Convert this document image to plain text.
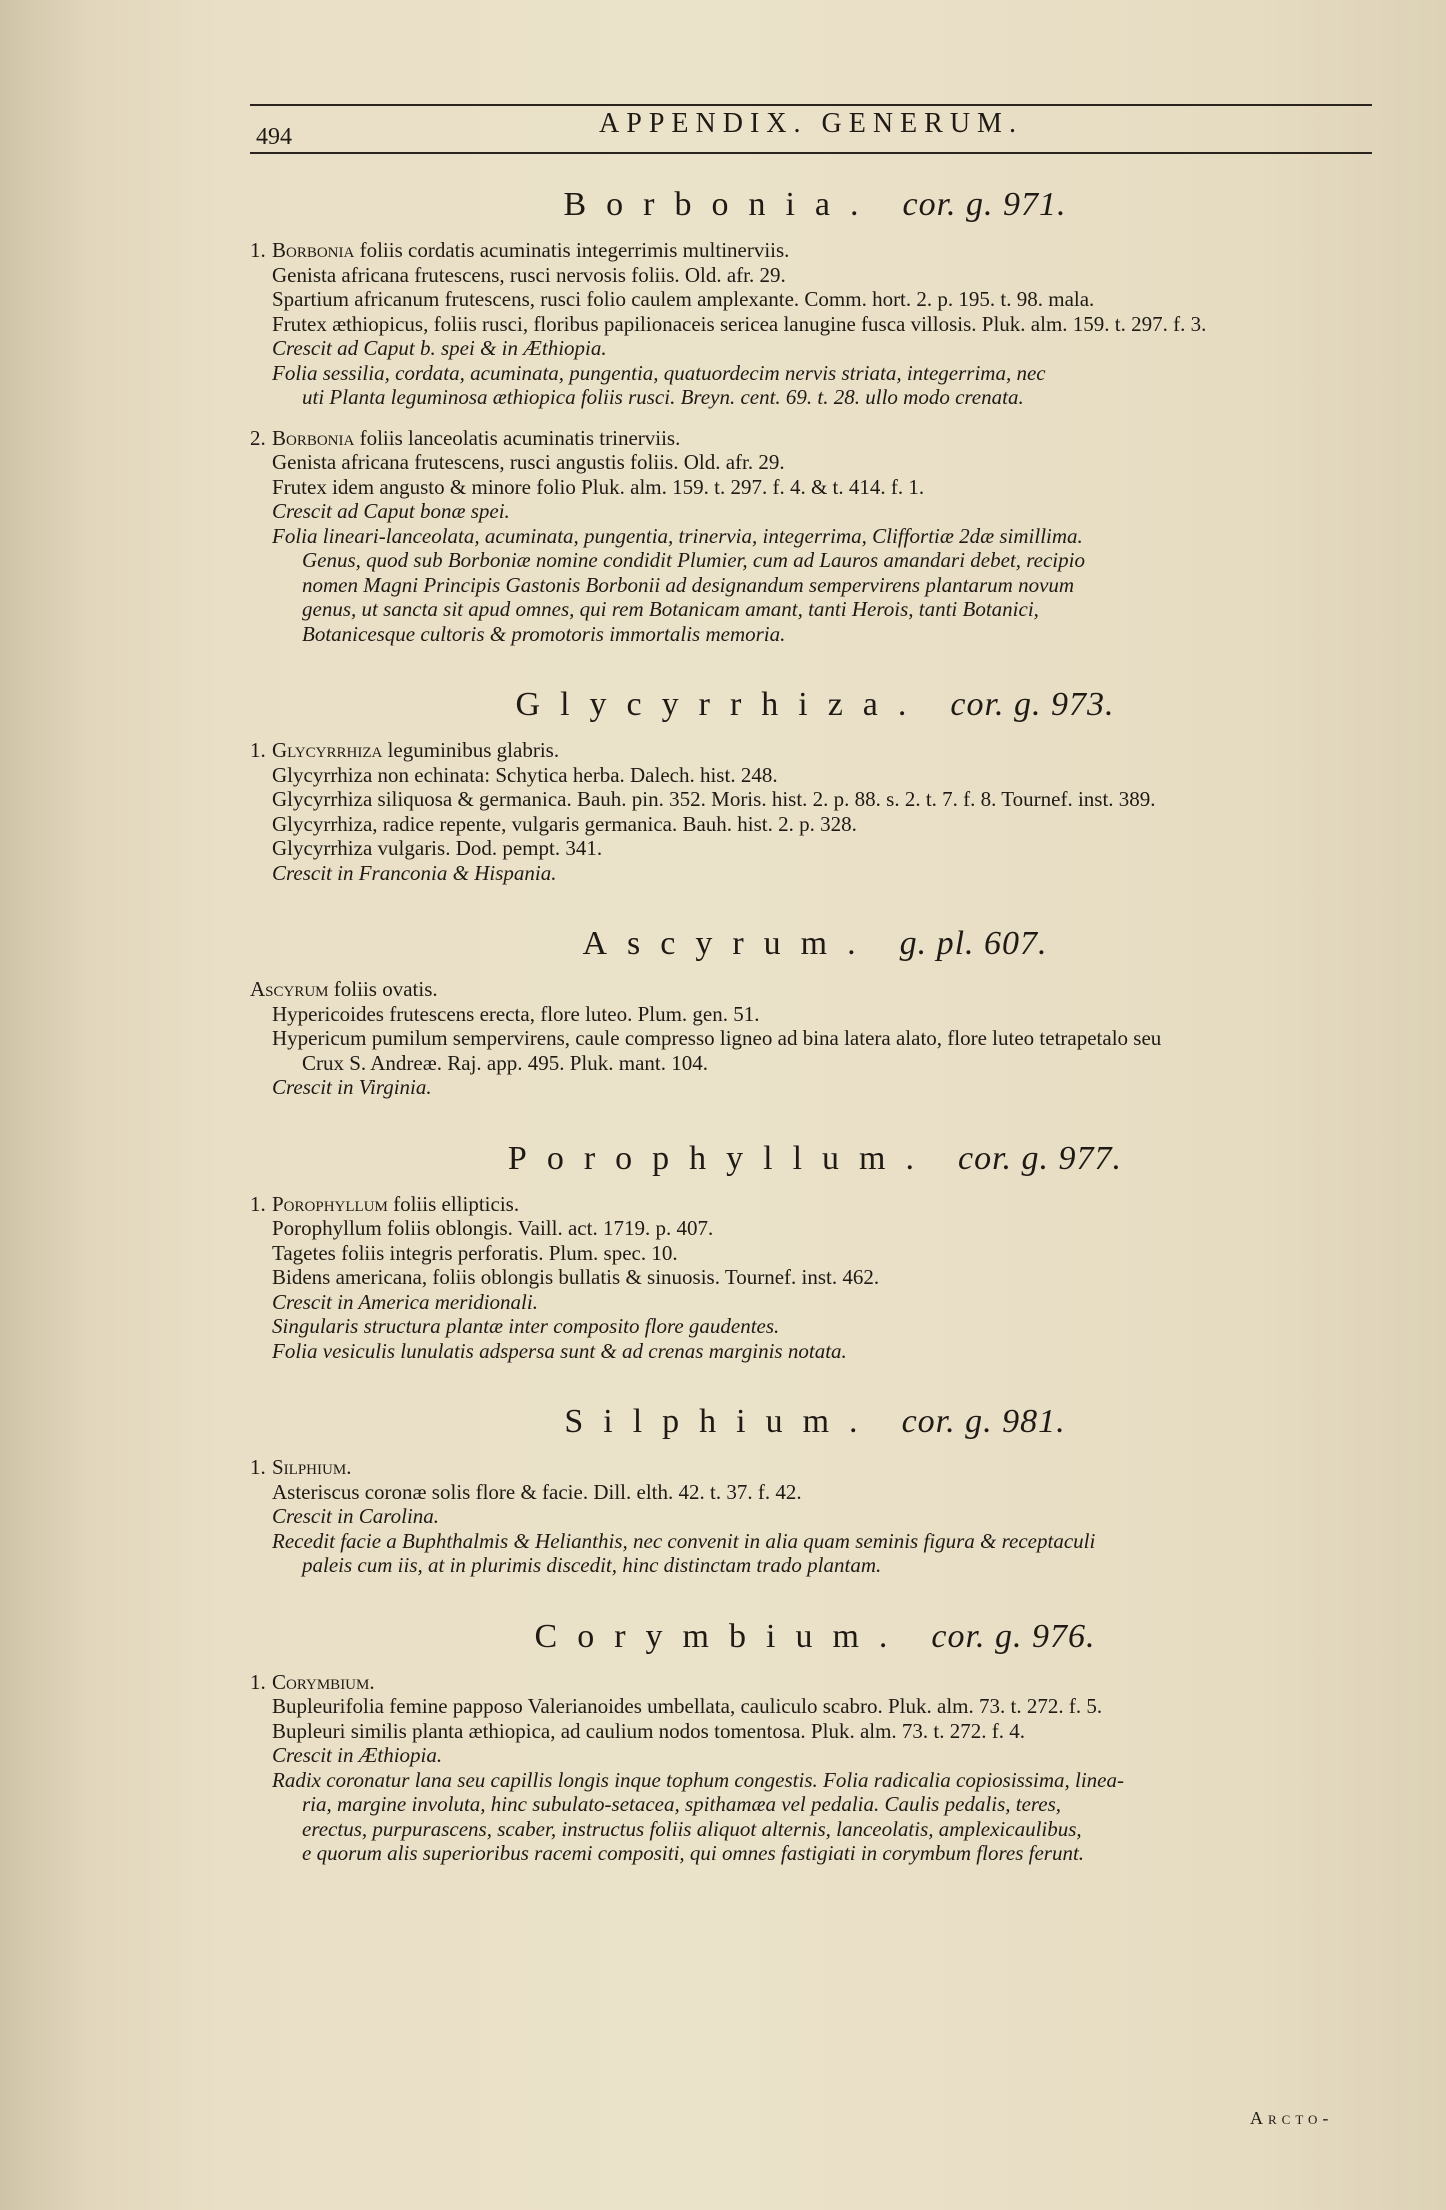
494	APPENDIX. GENERUM.
Borbonia. cor. g. 971.
1. Borbonia foliis cordatis acuminatis integerrimis multinerviis.
Genista africana frutescens, rusci nervosis foliis. Old. afr. 29.
Spartium africanum frutescens, rusci folio caulem amplexante. Comm. hort. 2. p. 195. t. 98. mala.
Frutex æthiopicus, foliis rusci, floribus papilionaceis sericea lanugine fusca villosis. Pluk. alm. 159. t. 297. f. 3.
Crescit ad Caput b. spei & in Æthiopia.
Folia sessilia, cordata, acuminata, pungentia, quatuordecim nervis striata, integerrima, nec
uti Planta leguminosa æthiopica foliis rusci. Breyn. cent. 69. t. 28. ullo modo crenata.
2. Borbonia foliis lanceolatis acuminatis trinerviis.
Genista africana frutescens, rusci angustis foliis. Old. afr. 29.
Frutex idem angusto & minore folio Pluk. alm. 159. t. 297. f. 4. & t. 414. f. 1.
Crescit ad Caput bonæ spei.
Folia lineari-lanceolata, acuminata, pungentia, trinervia, integerrima, Cliffortiæ 2dæ simillima.
Genus, quod sub Borboniæ nomine condidit Plumier, cum ad Lauros amandari debet, recipio
nomen Magni Principis Gastonis Borbonii ad designandum sempervirens plantarum novum
genus, ut sancta sit apud omnes, qui rem Botanicam amant, tanti Herois, tanti Botanici,
Botanicesque cultoris & promotoris immortalis memoria.
Glycyrrhiza. cor. g. 973.
1. Glycyrrhiza leguminibus glabris.
Glycyrrhiza non echinata: Schytica herba. Dalech. hist. 248.
Glycyrrhiza siliquosa & germanica. Bauh. pin. 352. Moris. hist. 2. p. 88. s. 2. t. 7. f. 8. Tournef. inst. 389.
Glycyrrhiza, radice repente, vulgaris germanica. Bauh. hist. 2. p. 328.
Glycyrrhiza vulgaris. Dod. pempt. 341.
Crescit in Franconia & Hispania.
Ascyrum. g. pl. 607.
Ascyrum foliis ovatis.
Hypericoides frutescens erecta, flore luteo. Plum. gen. 51.
Hypericum pumilum sempervirens, caule compresso ligneo ad bina latera alato, flore luteo tetrapetalo seu
Crux S. Andreæ. Raj. app. 495. Pluk. mant. 104.
Crescit in Virginia.
Porophyllum. cor. g. 977.
1. Porophyllum foliis ellipticis.
Porophyllum foliis oblongis. Vaill. act. 1719. p. 407.
Tagetes foliis integris perforatis. Plum. spec. 10.
Bidens americana, foliis oblongis bullatis & sinuosis. Tournef. inst. 462.
Crescit in America meridionali.
Singularis structura plantæ inter composito flore gaudentes.
Folia vesiculis lunulatis adspersa sunt & ad crenas marginis notata.
Silphium. cor. g. 981.
1. Silphium.
Asteriscus coronæ solis flore & facie. Dill. elth. 42. t. 37. f. 42.
Crescit in Carolina.
Recedit facie a Buphthalmis & Helianthis, nec convenit in alia quam seminis figura & receptaculi
paleis cum iis, at in plurimis discedit, hinc distinctam trado plantam.
Corymbium. cor. g. 976.
1. Corymbium.
Bupleurifolia femine papposo Valerianoides umbellata, cauliculo scabro. Pluk. alm. 73. t. 272. f. 5.
Bupleuri similis planta æthiopica, ad caulium nodos tomentosa. Pluk. alm. 73. t. 272. f. 4.
Crescit in Æthiopia.
Radix coronatur lana seu capillis longis inque tophum congestis. Folia radicalia copiosissima, linea-
ria, margine involuta, hinc subulato-setacea, spithamæa vel pedalia. Caulis pedalis, teres,
erectus, purpurascens, scaber, instructus foliis aliquot alternis, lanceolatis, amplexicaulibus,
e quorum alis superioribus racemi compositi, qui omnes fastigiati in corymbum flores ferunt.
Arcto-
